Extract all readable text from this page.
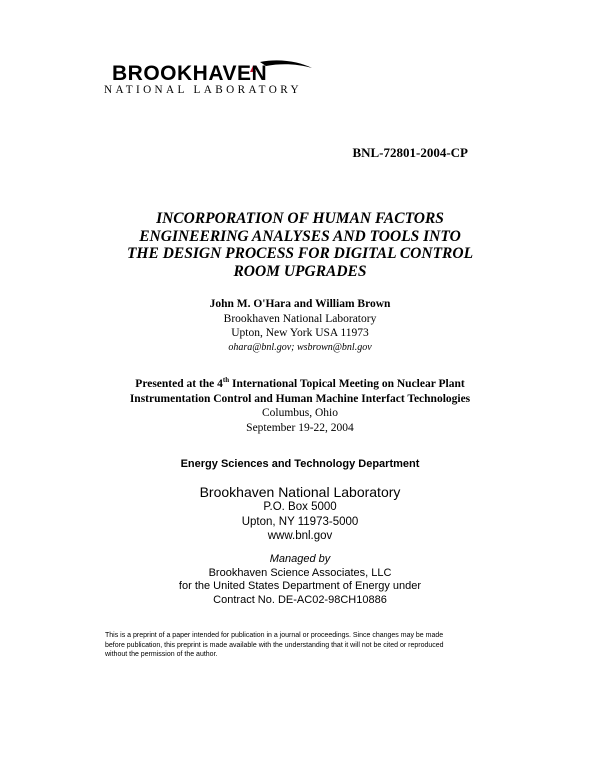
BROOKHAVEN
NATIONAL LABORATORY
BNL-72801-2004-CP
INCORPORATION OF HUMAN FACTORS
ENGINEERING ANALYSES AND TOOLS INTO
THE DESIGN PROCESS FOR DIGITAL CONTROL
ROOM UPGRADES
John M. O'Hara and William Brown
Brookhaven National Laboratory
Upton, New York USA 11973
ohara@bnl.gov; wsbrown@bnl.gov
Presented at the 4th International Topical Meeting on Nuclear Plant
Instrumentation Control and Human Machine Interfact Technologies
Columbus, Ohio
September 19-22, 2004
Energy Sciences and Technology Department
Brookhaven National Laboratory
P.O. Box 5000
Upton, NY 11973-5000
www.bnl.gov
Managed by
Brookhaven Science Associates, LLC
for the United States Department of Energy under
Contract No. DE-AC02-98CH10886
This is a preprint of a paper intended for publication in a journal or proceedings. Since changes may be made
before publication, this preprint is made available with the understanding that it will not be cited or reproduced
without the permission of the author.
